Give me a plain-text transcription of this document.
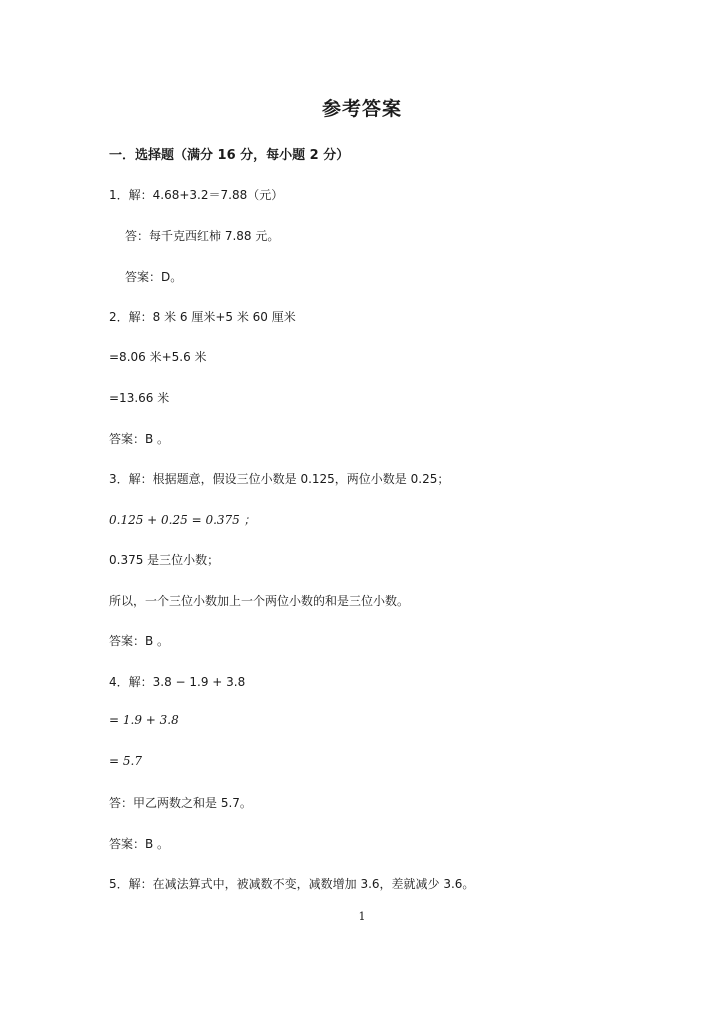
参考答案
一．选择题（满分 16 分，每小题 2 分）
1．解：4.68+3.2＝7.88（元）
答：每千克西红柿 7.88 元。
答案：D。
2．解：8 米 6 厘米+5 米 60 厘米
=8.06 米+5.6 米
=13.66 米
答案：B 。
3．解：根据题意，假设三位小数是 0.125，两位小数是 0.25；
0.125 + 0.25 = 0.375 ；
0.375 是三位小数；
所以，一个三位小数加上一个两位小数的和是三位小数。
答案：B 。
4．解：3.8 − 1.9 + 3.8
= 1.9 + 3.8
= 5.7
答：甲乙两数之和是 5.7。
答案：B 。
5．解：在减法算式中，被减数不变，减数增加 3.6，差就减少 3.6。
1
